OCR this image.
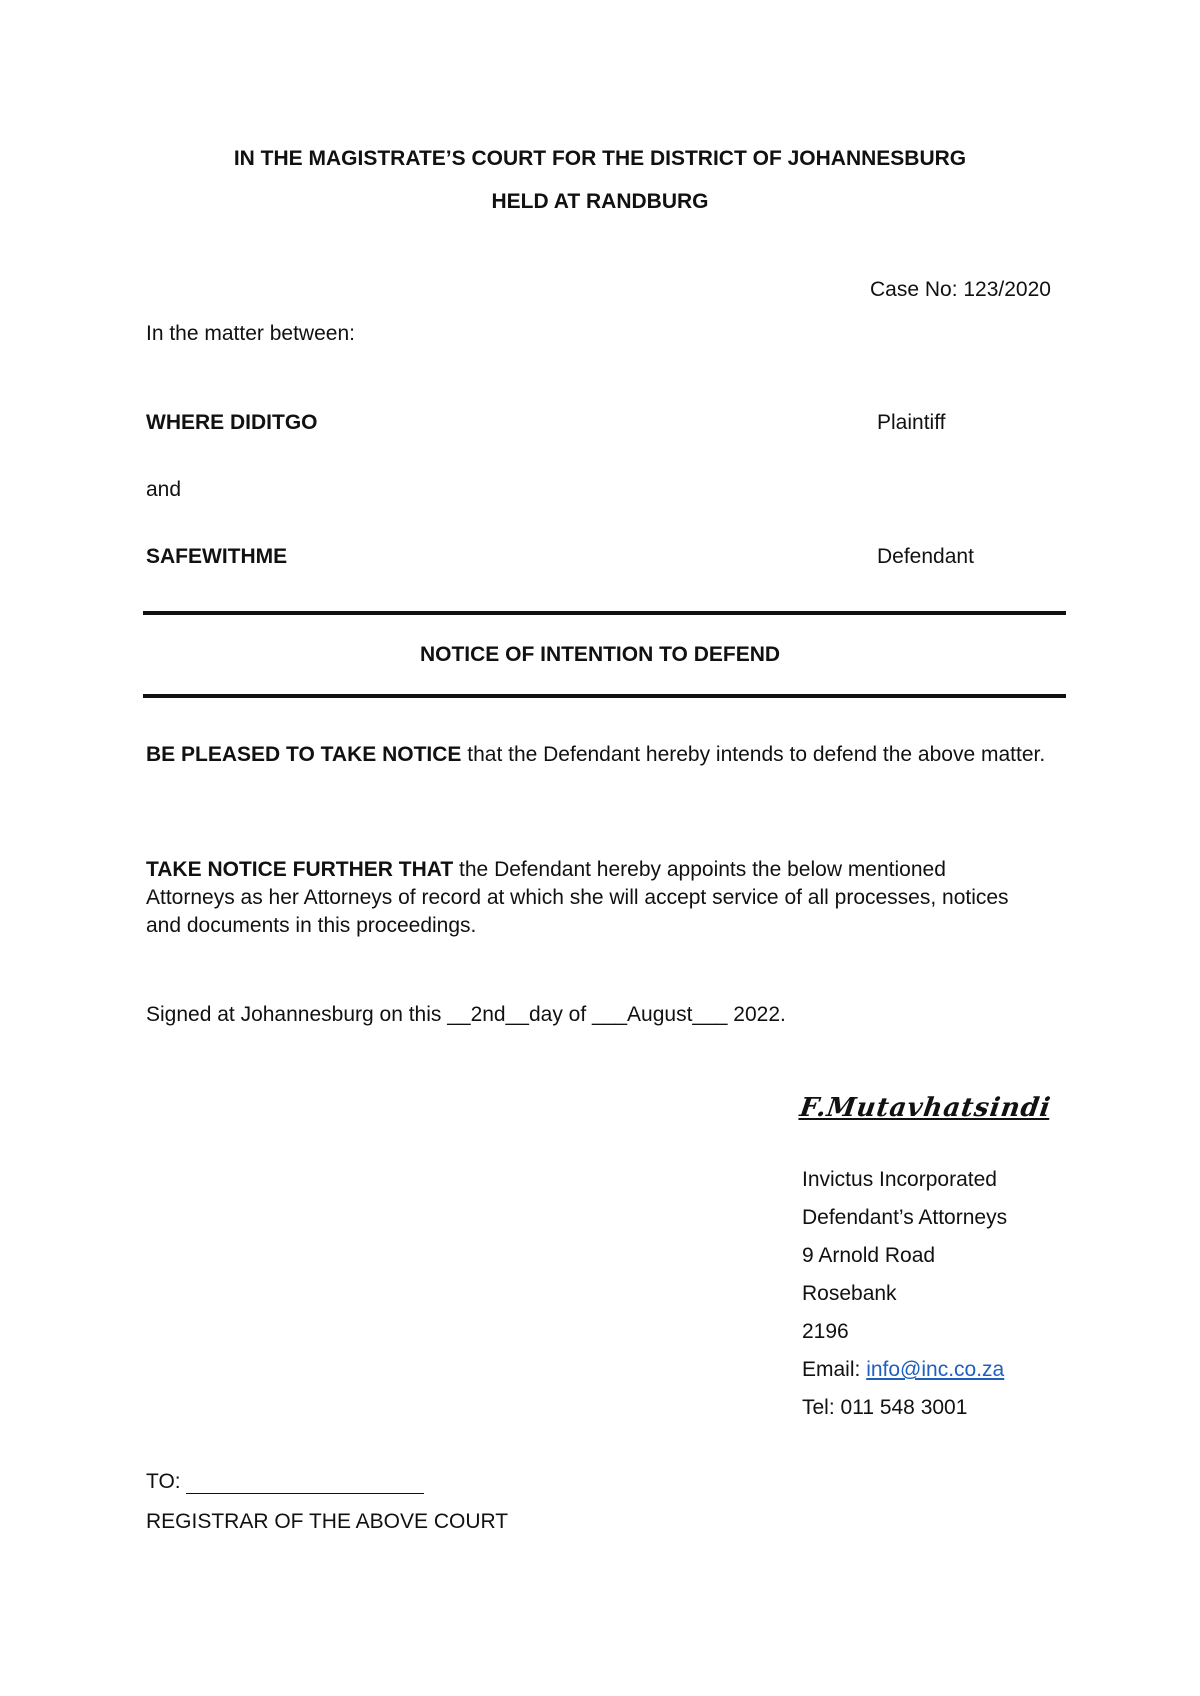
IN THE MAGISTRATE’S COURT FOR THE DISTRICT OF JOHANNESBURG
HELD AT RANDBURG
Case No: 123/2020
In the matter between:
WHERE DIDITGO	Plaintiff
and
SAFEWITHME	Defendant
NOTICE OF INTENTION TO DEFEND
BE PLEASED TO TAKE NOTICE that the Defendant hereby intends to defend the above matter.
TAKE NOTICE FURTHER THAT the Defendant hereby appoints the below mentioned Attorneys as her Attorneys of record at which she will accept service of all processes, notices and documents in this proceedings.
Signed at Johannesburg on this __2nd__day of ___August___ 2022.
F.Mutavhatsindi
Invictus Incorporated
Defendant’s Attorneys
9 Arnold Road
Rosebank
2196
Email: info@inc.co.za
Tel: 011 548 3001
TO:
REGISTRAR OF THE ABOVE COURT
